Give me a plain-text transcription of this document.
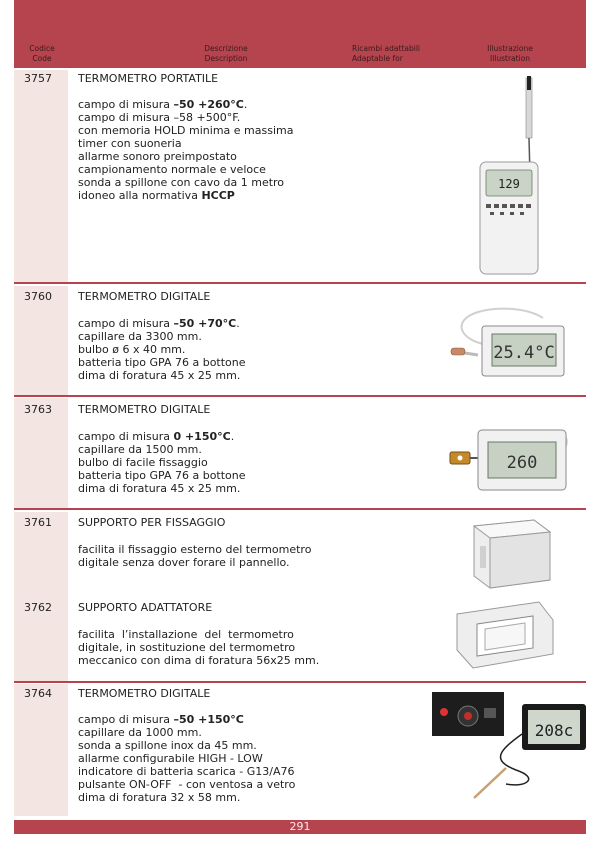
Codice
Code
Descrizione
Description
Ricambi adattabili
Adaptable for
Illustrazione
Illustration
3757 TERMOMETRO PORTATILE
campo di misura –50 +260°C.
campo di misura –58 +500°F.
con memoria HOLD minima e massima
timer con suoneria
allarme sonoro preimpostato
campionamento normale e veloce
sonda a spillone con cavo da 1 metro
idoneo alla normativa HCCP
3760 TERMOMETRO DIGITALE
campo di misura –50 +70°C.
capillare da 3300 mm.
bulbo ø 6 x 40 mm.
batteria tipo GPA 76 a bottone
dima di foratura 45 x 25 mm.
3763 TERMOMETRO DIGITALE
campo di misura 0 +150°C.
capillare da 1500 mm.
bulbo di facile fissaggio
batteria tipo GPA 76 a bottone
dima di foratura 45 x 25 mm.
3761 SUPPORTO PER FISSAGGIO
facilita il fissaggio esterno del termometro
digitale senza dover forare il pannello.
3762 SUPPORTO ADATTATORE
facilita  l’installazione  del  termometro
digitale, in sostituzione del termometro
meccanico con dima di foratura 56x25 mm.
3764 TERMOMETRO DIGITALE
campo di misura –50 +150°C
capillare da 1000 mm.
sonda a spillone inox da 45 mm.
allarme configurabile HIGH - LOW
indicatore di batteria scarica - G13/A76
pulsante ON-OFF  - con ventosa a vetro
dima di foratura 32 x 58 mm.
129
25.4°C
260
208c
291
